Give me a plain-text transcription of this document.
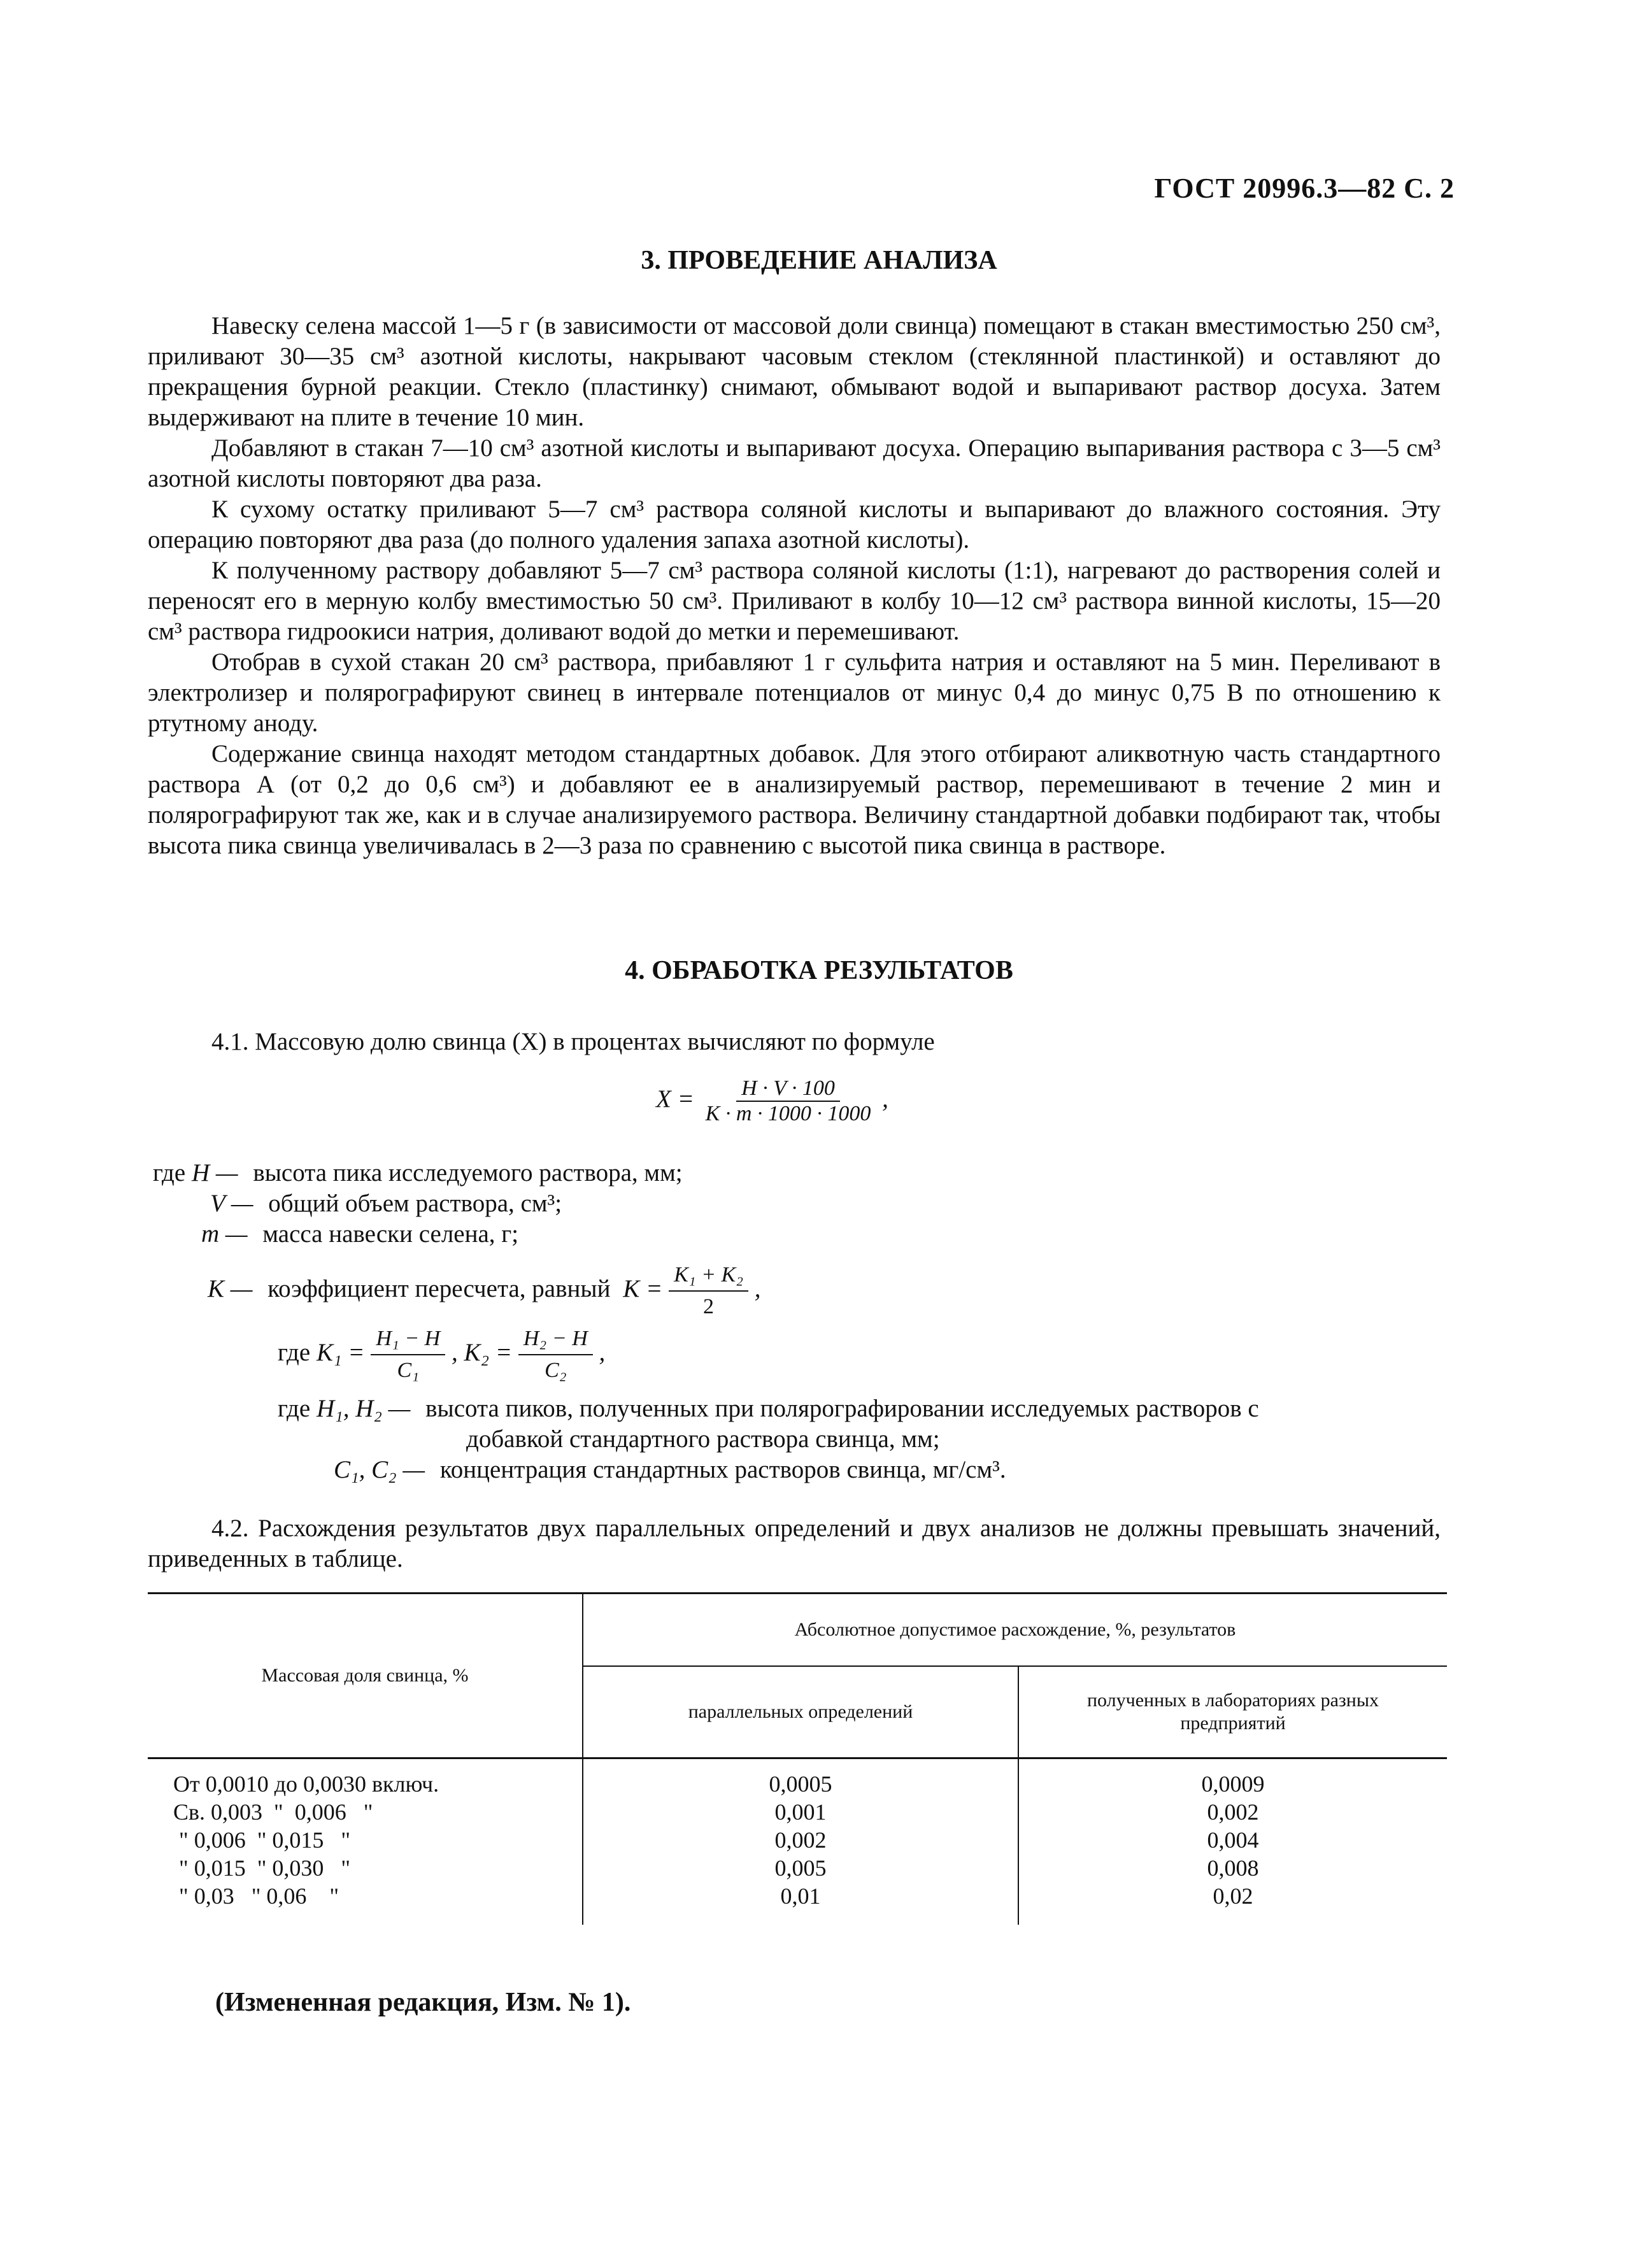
ГОСТ 20996.3—82 С. 2
3. ПРОВЕДЕНИЕ АНАЛИЗА

Навеску селена массой 1—5 г (в зависимости от массовой доли свинца) помещают в стакан вместимостью 250 см³, приливают 30—35 см³ азотной кислоты, накрывают часовым стеклом (стеклянной пластинкой) и оставляют до прекращения бурной реакции. Стекло (пластинку) снимают, обмывают водой и выпаривают раствор досуха. Затем выдерживают на плите в течение 10 мин.

Добавляют в стакан 7—10 см³ азотной кислоты и выпаривают досуха. Операцию выпаривания раствора с 3—5 см³ азотной кислоты повторяют два раза.

К сухому остатку приливают 5—7 см³ раствора соляной кислоты и выпаривают до влажного состояния. Эту операцию повторяют два раза (до полного удаления запаха азотной кислоты).

К полученному раствору добавляют 5—7 см³ раствора соляной кислоты (1:1), нагревают до растворения солей и переносят его в мерную колбу вместимостью 50 см³. Приливают в колбу 10—12 см³ раствора винной кислоты, 15—20 см³ раствора гидроокиси натрия, доливают водой до метки и перемешивают.

Отобрав в сухой стакан 20 см³ раствора, прибавляют 1 г сульфита натрия и оставляют на 5 мин. Переливают в электролизер и полярографируют свинец в интервале потенциалов от минус 0,4 до минус 0,75 В по отношению к ртутному аноду.

Содержание свинца находят методом стандартных добавок. Для этого отбирают аликвотную часть стандартного раствора А (от 0,2 до 0,6 см³) и добавляют ее в анализируемый раствор, перемешивают в течение 2 мин и полярографируют так же, как и в случае анализируемого раствора. Величину стандартной добавки подбирают так, чтобы высота пика свинца увеличивалась в 2—3 раза по сравнению с высотой пика свинца в растворе.

4. ОБРАБОТКА РЕЗУЛЬТАТОВ

4.1. Массовую долю свинца (X) в процентах вычисляют по формуле

$X = \frac{H \cdot V \cdot 100}{K \cdot m \cdot 1000 \cdot 1000}$ ,
где H — высота пика исследуемого раствора, мм;
V — общий объем раствора, см³;
m — масса навески селена, г;
K — коэффициент пересчета, равный $K = \frac{\text{K₁ + K₂}}{2}$ ,
где $K_1 = \frac{\text{H₁ − H}}{\text{C₁}}$ , $K_2 = \frac{\text{H₂ − H}}{\text{C₂}}$ ,
где H₁, H₂ — высота пиков, полученных при полярографировании исследуемых растворов с
добавкой стандартного раствора свинца, мм;
C₁, C₂ — концентрация стандартных растворов свинца, мг/см³.

4.2. Расхождения результатов двух параллельных определений и двух анализов не должны превышать значений, приведенных в таблице.

Массовая доля свинца, %	Абсолютное допустимое расхождение, %, результатов	
	параллельных определений	полученных в лабораториях разных предприятий
От 0,0010 до 0,0030 включ.	0,0005	0,0009
Св. 0,003  "  0,006   "	0,001	0,002
" 0,006  " 0,015   "	0,002	0,004
" 0,015  " 0,030   "	0,005	0,008
" 0,03   " 0,06    "	0,01	0,02
(Измененная редакция, Изм. № 1).
